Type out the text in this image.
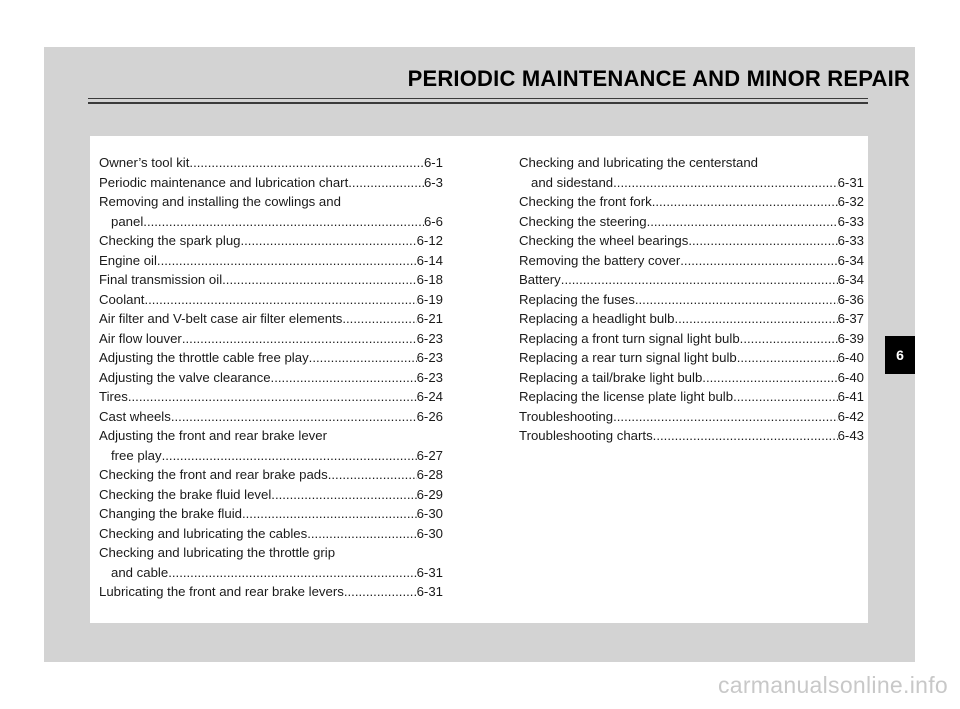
PERIODIC MAINTENANCE AND MINOR REPAIR
Owner’s tool kit .....	6-1
Periodic maintenance and lubrication chart .....	6-3
Removing and installing the cowlings and
panel .....	6-6
Checking the spark plug .....	6-12
Engine oil .....	6-14
Final transmission oil .....	6-18
Coolant .....	6-19
Air filter and V-belt case air filter elements .....	6-21
Air flow louver .....	6-23
Adjusting the throttle cable free play .....	6-23
Adjusting the valve clearance .....	6-23
Tires .....	6-24
Cast wheels .....	6-26
Adjusting the front and rear brake lever
free play .....	6-27
Checking the front and rear brake pads .....	6-28
Checking the brake fluid level .....	6-29
Changing the brake fluid .....	6-30
Checking and lubricating the cables .....	6-30
Checking and lubricating the throttle grip
and cable .....	6-31
Lubricating the front and rear brake levers .....	6-31
Checking and lubricating the centerstand
and sidestand .....	6-31
Checking the front fork .....	6-32
Checking the steering .....	6-33
Checking the wheel bearings .....	6-33
Removing the battery cover .....	6-34
Battery .....	6-34
Replacing the fuses .....	6-36
Replacing a headlight bulb .....	6-37
Replacing a front turn signal light bulb .....	6-39
Replacing a rear turn signal light bulb .....	6-40
Replacing a tail/brake light bulb .....	6-40
Replacing the license plate light bulb .....	6-41
Troubleshooting .....	6-42
Troubleshooting charts .....	6-43
6
carmanualsonline.info
